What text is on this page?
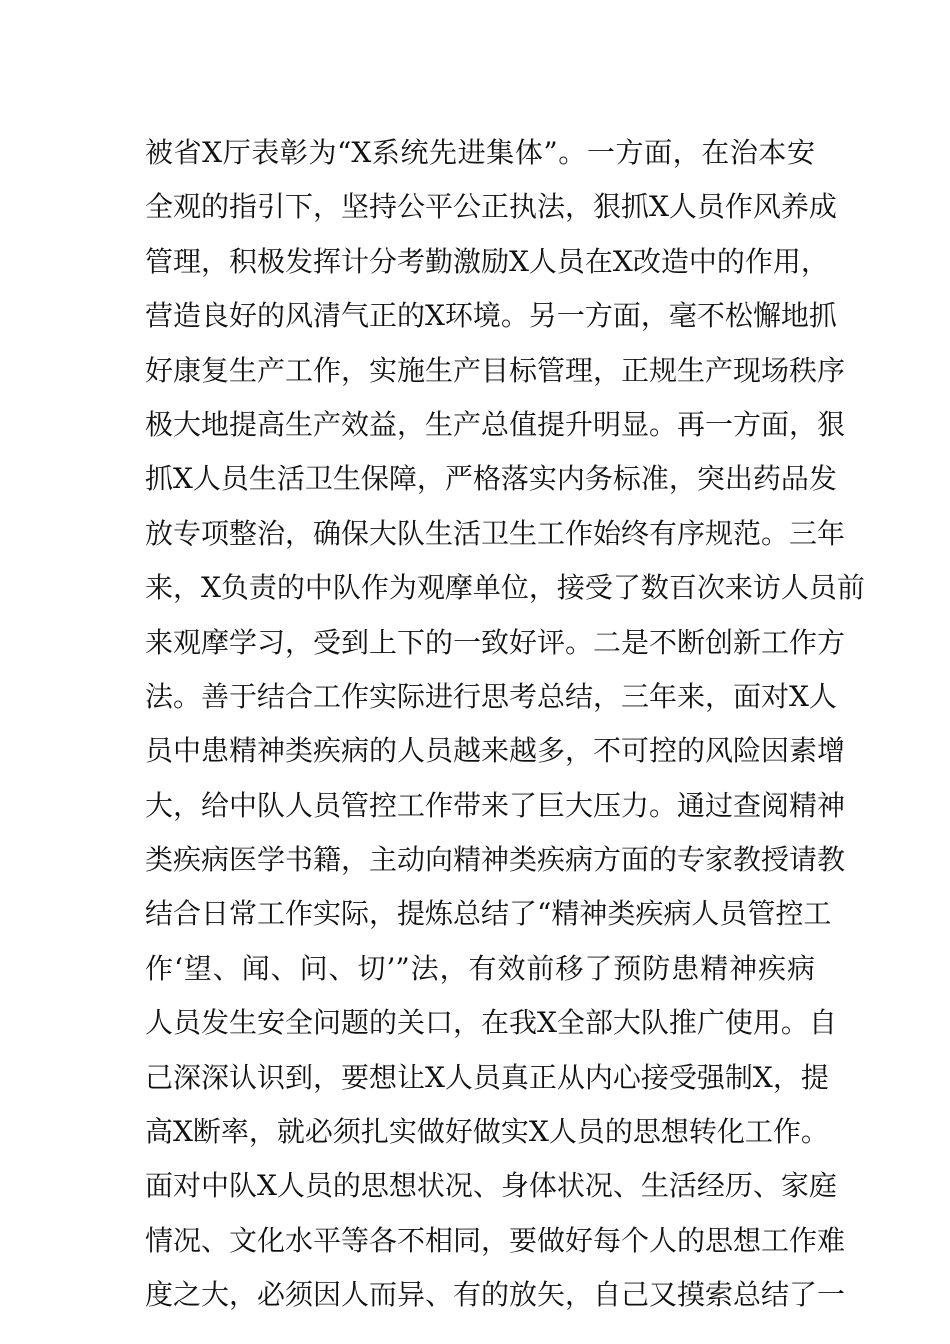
被省X厅表彰为“X系统先进集体”。一方面，在治本安
全观的指引下，坚持公平公正执法，狠抓X人员作风养成
管理，积极发挥计分考勤激励X人员在X改造中的作用，
营造良好的风清气正的X环境。另一方面，毫不松懈地抓
好康复生产工作，实施生产目标管理，正规生产现场秩序
极大地提高生产效益，生产总值提升明显。再一方面，狠
抓X人员生活卫生保障，严格落实内务标准，突出药品发
放专项整治，确保大队生活卫生工作始终有序规范。三年
来，X负责的中队作为观摩单位，接受了数百次来访人员前
来观摩学习，受到上下的一致好评。二是不断创新工作方
法。善于结合工作实际进行思考总结，三年来，面对X人
员中患精神类疾病的人员越来越多，不可控的风险因素增
大，给中队人员管控工作带来了巨大压力。通过查阅精神
类疾病医学书籍，主动向精神类疾病方面的专家教授请教
结合日常工作实际，提炼总结了“精神类疾病人员管控工
作‘望、闻、问、切’”法，有效前移了预防患精神疾病
人员发生安全问题的关口，在我X全部大队推广使用。自
己深深认识到，要想让X人员真正从内心接受强制X，提
高X断率，就必须扎实做好做实X人员的思想转化工作。
面对中队X人员的思想状况、身体状况、生活经历、家庭
情况、文化水平等各不相同，要做好每个人的思想工作难
度之大，必须因人而异、有的放矢，自己又摸索总结了一
